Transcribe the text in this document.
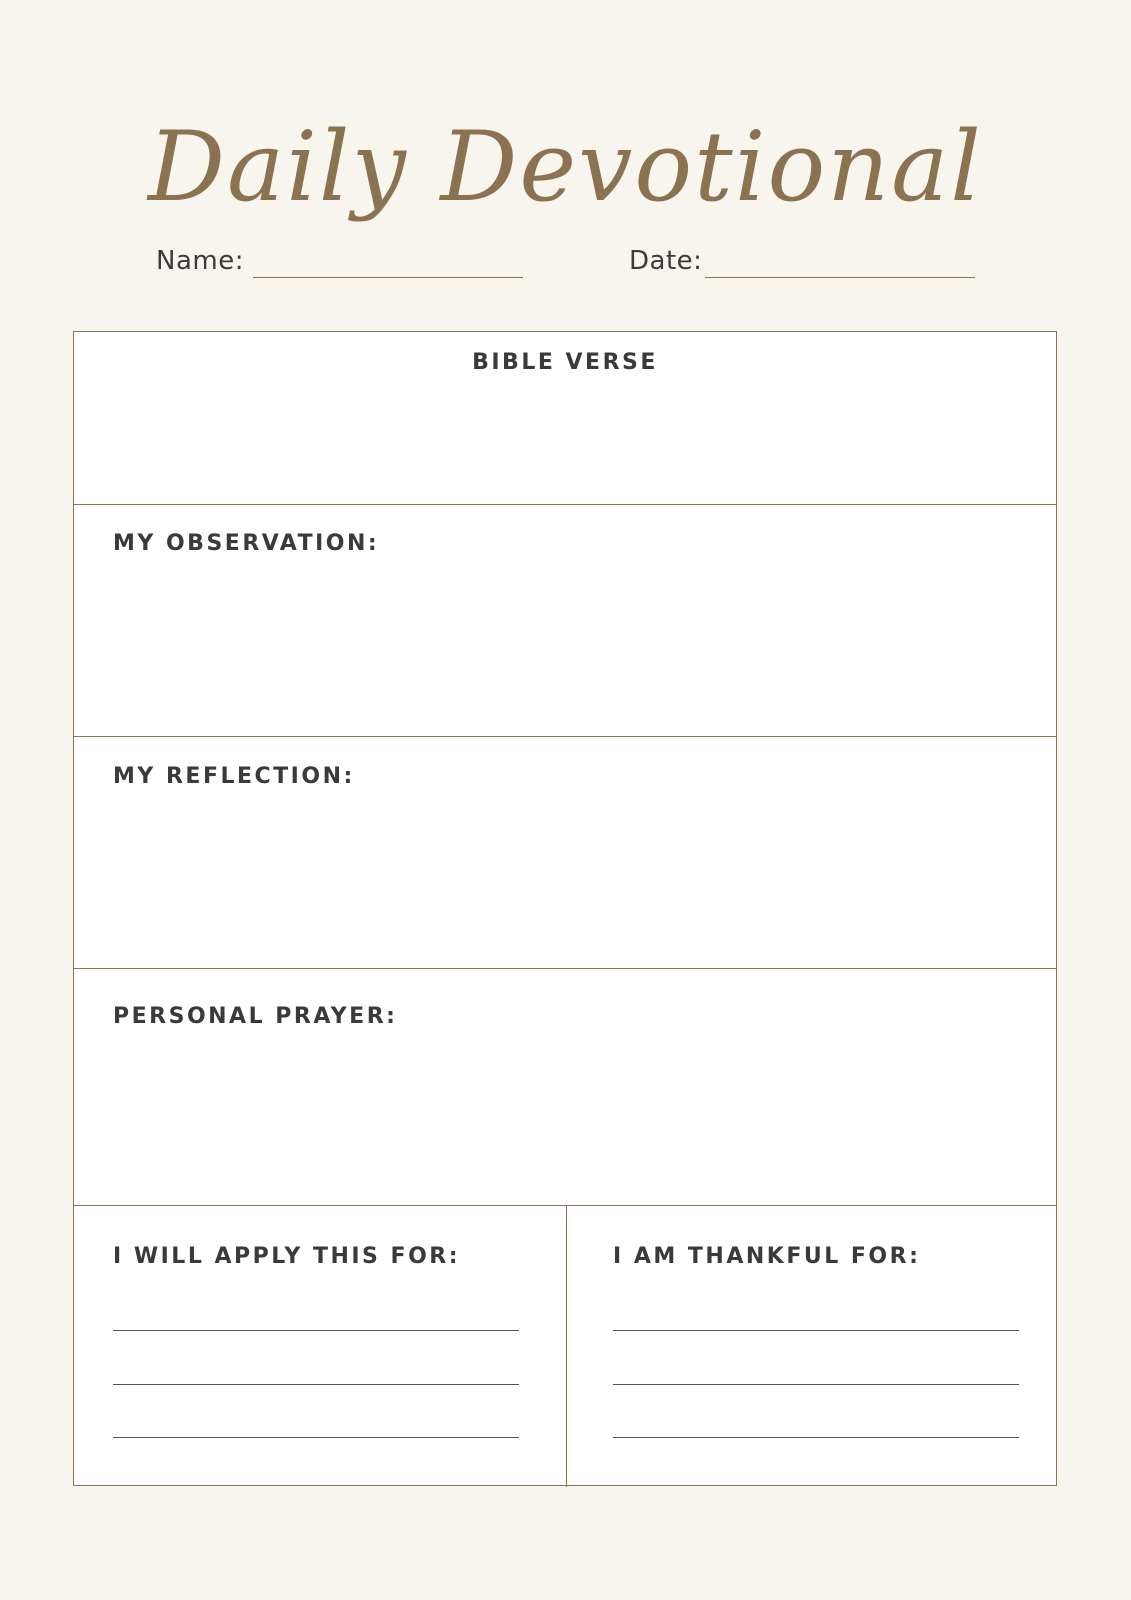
Daily Devotional
Name:	Date:
BIBLE VERSE
MY OBSERVATION:
MY REFLECTION:
PERSONAL PRAYER:
I WILL APPLY THIS FOR:	I AM THANKFUL FOR:
